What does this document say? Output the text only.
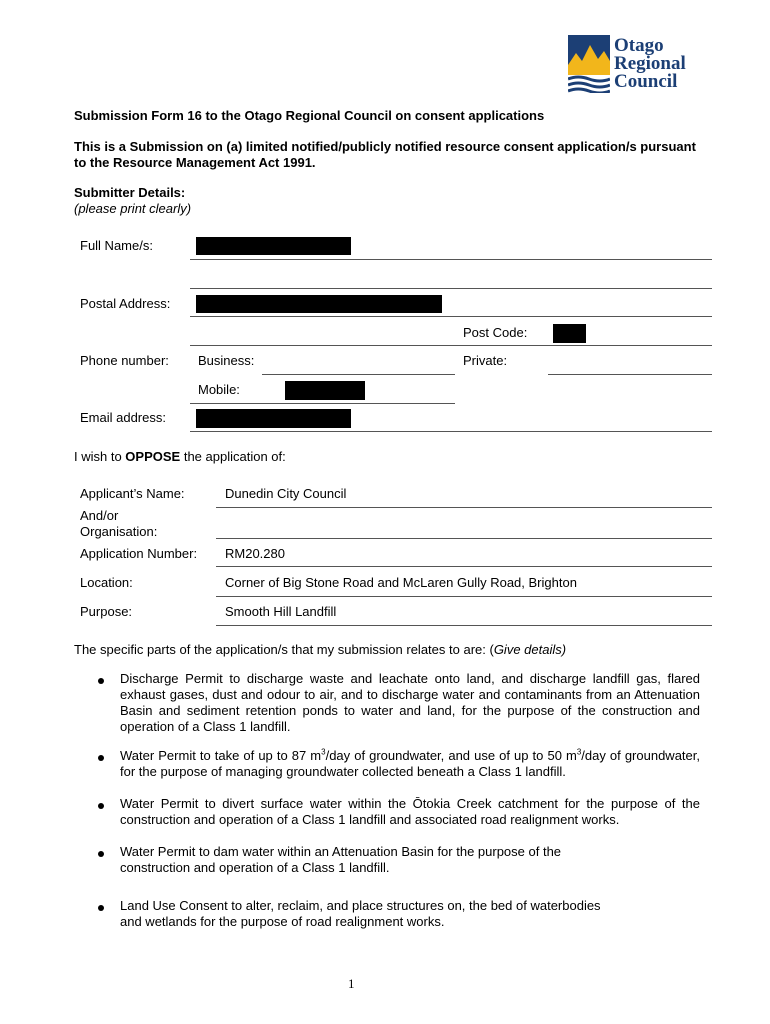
Otago
Regional
Council
Submission Form 16 to the Otago Regional Council on consent applications
This is a Submission on (a) limited notified/publicly notified resource consent application/s pursuant to the Resource Management Act 1991.
Submitter Details:
(please print clearly)
Full Name/s:
Postal Address:
Post Code:
Phone number: Business:	Private:
Mobile:
Email address:
I wish to OPPOSE the application of:
Applicant’s Name:	Dunedin City Council
And/or
Organisation:
Application Number: RM20.280
Location:	Corner of Big Stone Road and McLaren Gully Road, Brighton
Purpose:	Smooth Hill Landfill
The specific parts of the application/s that my submission relates to are: (Give details)
Discharge Permit to discharge waste and leachate onto land, and discharge landfill gas, flared exhaust gases, dust and odour to air, and to discharge water and contaminants from an Attenuation Basin and sediment retention ponds to water and land, for the purpose of the construction and operation of a Class 1 landfill.
Water Permit to take of up to 87 $m^3$/day of groundwater, and use of up to 50 $m^3$/day of groundwater, for the purpose of managing groundwater collected beneath a Class 1 landfill.
Water Permit to divert surface water within the Ōtokia Creek catchment for the purpose of the construction and operation of a Class 1 landfill and associated road realignment works.
Water Permit to dam water within an Attenuation Basin for the purpose of the
construction and operation of a Class 1 landfill.
Land Use Consent to alter, reclaim, and place structures on, the bed of waterbodies
and wetlands for the purpose of road realignment works.
1
